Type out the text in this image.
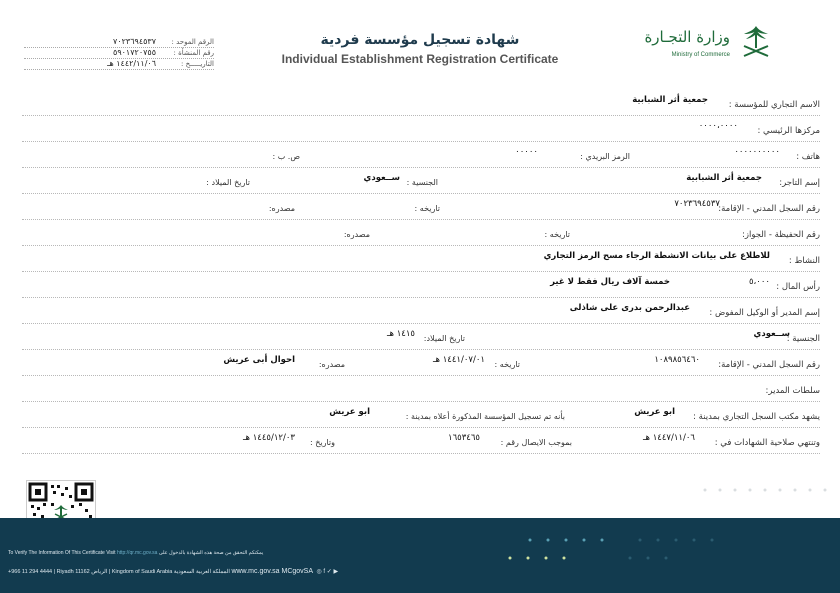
الرقم الموحد :
٧٠٢٣٦٩٤٥٣٧
رقم المنشأة :
٥٩٠١٧٢٠٧٥٥
التاريـــــخ :
١٤٤٢/١١/٠٦ هـ
شهادة تسجيل مؤسسة فردية
Individual Establishment Registration Certificate
وزارة التجـارة
Ministry of Commerce
الاسم التجاري للمؤسسة :
جمعية أثر الشبابية
مركزها الرئيسي :
٠٠٠٠،٠٠٠٠
هاتف :
٠٠٠٠٠٠٠٠٠٠
الرمز البريدي :
٠٠٠٠٠
ص. ب :
إسم التاجر:
جمعية أثر الشبابية
الجنسية :
ســعودي
تاريخ الميلاد :
رقم السجل المدني - الإقامة:
٧٠٢٣٦٩٤٥٣٧
تاريخه :
مصدره:
رقم الحفيظة - الجواز:
تاريخه :
مصدره:
النشاط :
للاطلاع على بيانات الانشطة الرجاء مسح الرمز التجاري
رأس المال :
٥،٠٠٠
خمسة آلاف ريال فقط لا غير
إسم المدير أو الوكيل المفوض :
عبدالرحمن بدرى على شاذلى
الجنسية :
ســعودي
تاريخ الميلاد:
١٤١٥ هـ
رقم السجل المدني - الإقامة:
١٠٨٩٨٥٦٤٦٠
تاريخه :
١٤٤١/٠٧/٠١ هـ
مصدره:
احوال أبى عريش
سلطات المدير:
يشهد مكتب السجل التجاري بمدينة :
ابو عريش
بأنه تم تسجيل المؤسسة المذكورة أعلاه بمدينة :
ابو عريش
وتنتهي صلاحية الشهادات في :
١٤٤٧/١١/٠٦ هـ
بموجب الايصال رقم :
١٦٥٣٤٦٥
وتاريخ :
١٤٤٥/١٢/٠٣ هـ
To Verify The Information Of This Certificate Visit http://qr.mc.gov.sa يمكنكم التحقق من صحة هذه الشهادة بالدخول على
+966 11 294 4444 | Riyadh 11162 الرياض | Kingdom of Saudi Arabia المملكة العربية السعودية www.mc.gov.sa MCgovSA ◎ f ✓ ▶
